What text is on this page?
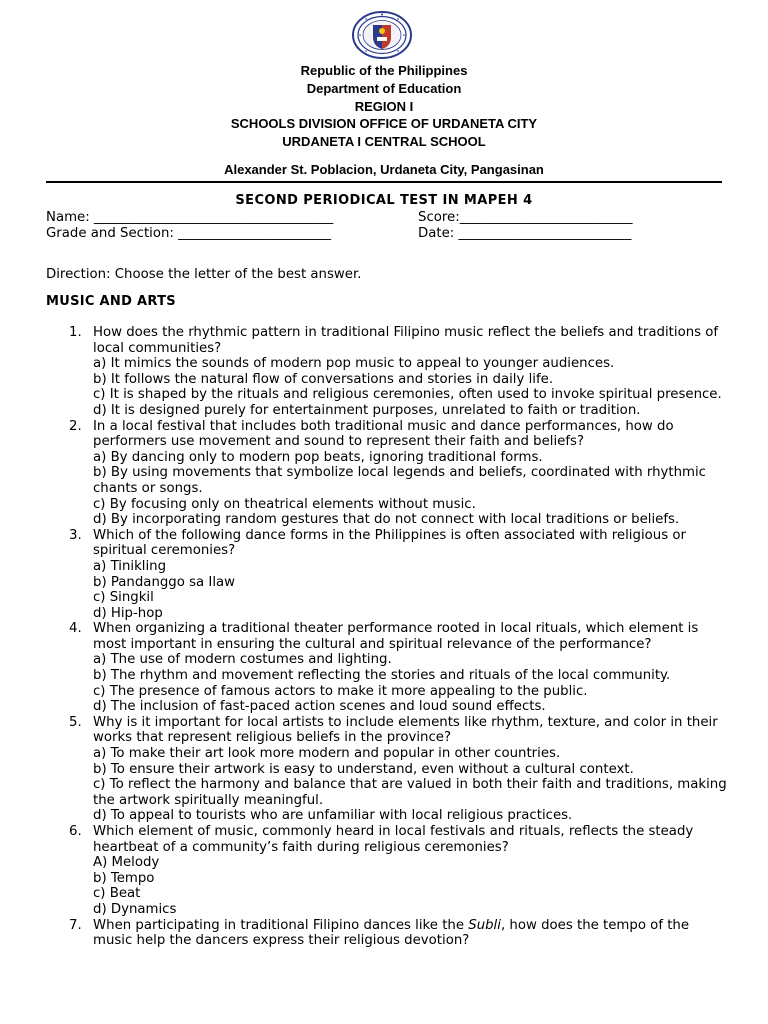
Republic of the Philippines
Department of Education
REGION I
SCHOOLS DIVISION OFFICE OF URDANETA CITY
URDANETA I CENTRAL SCHOOL
Alexander St. Poblacion, Urdaneta City, Pangasinan
SECOND PERIODICAL TEST IN MAPEH 4
Name: ____________________________________	Score:__________________________
Grade and Section: _______________________	Date: __________________________
Direction: Choose the letter of the best answer.
MUSIC AND ARTS
1. How does the rhythmic pattern in traditional Filipino music reflect the beliefs and traditions of local communities?
a) It mimics the sounds of modern pop music to appeal to younger audiences.
b) It follows the natural flow of conversations and stories in daily life.
c) It is shaped by the rituals and religious ceremonies, often used to invoke spiritual presence.
d) It is designed purely for entertainment purposes, unrelated to faith or tradition.
2. In a local festival that includes both traditional music and dance performances, how do performers use movement and sound to represent their faith and beliefs?
a) By dancing only to modern pop beats, ignoring traditional forms.
b) By using movements that symbolize local legends and beliefs, coordinated with rhythmic chants or songs.
c) By focusing only on theatrical elements without music.
d) By incorporating random gestures that do not connect with local traditions or beliefs.
3. Which of the following dance forms in the Philippines is often associated with religious or spiritual ceremonies?
a) Tinikling
b) Pandanggo sa Ilaw
c) Singkil
d) Hip-hop
4. When organizing a traditional theater performance rooted in local rituals, which element is most important in ensuring the cultural and spiritual relevance of the performance?
a) The use of modern costumes and lighting.
b) The rhythm and movement reflecting the stories and rituals of the local community.
c) The presence of famous actors to make it more appealing to the public.
d) The inclusion of fast-paced action scenes and loud sound effects.
5. Why is it important for local artists to include elements like rhythm, texture, and color in their works that represent religious beliefs in the province?
a) To make their art look more modern and popular in other countries.
b) To ensure their artwork is easy to understand, even without a cultural context.
c) To reflect the harmony and balance that are valued in both their faith and traditions, making the artwork spiritually meaningful.
d) To appeal to tourists who are unfamiliar with local religious practices.
6. Which element of music, commonly heard in local festivals and rituals, reflects the steady heartbeat of a community’s faith during religious ceremonies?
A) Melody
b) Tempo
c) Beat
d) Dynamics
7. When participating in traditional Filipino dances like the Subli, how does the tempo of the music help the dancers express their religious devotion?
